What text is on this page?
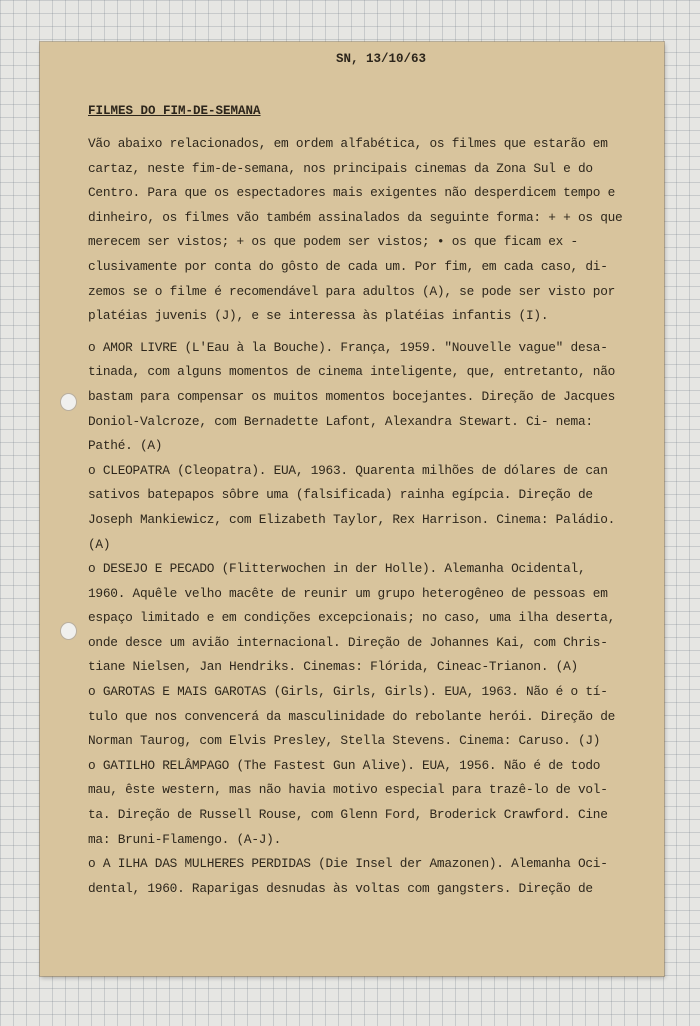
SN, 13/10/63
FILMES DO FIM-DE-SEMANA

Vão abaixo relacionados, em ordem alfabética, os filmes que estarão em cartaz, neste fim-de-semana, nos principais cinemas da Zona Sul e do Centro. Para que os espectadores mais exigentes não desperdicem tempo e dinheiro, os filmes vão também assinalados da seguinte forma: + + os que merecem ser vistos; + os que podem ser vistos; • os que ficam ex - clusivamente por conta do gôsto de cada um. Por fim, em cada caso, di- zemos se o filme é recomendável para adultos (A), se pode ser visto por platéias juvenis (J), e se interessa às platéias infantis (I).

o AMOR LIVRE (L'Eau à la Bouche). França, 1959. "Nouvelle vague" desa- tinada, com alguns momentos de cinema inteligente, que, entretanto, não bastam para compensar os muitos momentos bocejantes. Direção de Jacques Doniol-Valcroze, com Bernadette Lafont, Alexandra Stewart. Ci- nema: Pathé. (A)

o CLEOPATRA (Cleopatra). EUA, 1963. Quarenta milhões de dólares de can sativos batepapos sôbre uma (falsificada) rainha egípcia. Direção de Joseph Mankiewicz, com Elizabeth Taylor, Rex Harrison. Cinema: Paládio. (A)

o DESEJO E PECADO (Flitterwochen in der Holle). Alemanha Ocidental, 1960. Aquêle velho macête de reunir um grupo heterogêneo de pessoas em espaço limitado e em condições excepcionais; no caso, uma ilha deserta, onde desce um avião internacional. Direção de Johannes Kai, com Chris- tiane Nielsen, Jan Hendriks. Cinemas: Flórida, Cineac-Trianon. (A)

o GAROTAS E MAIS GAROTAS (Girls, Girls, Girls). EUA, 1963. Não é o tí- tulo que nos convencerá da masculinidade do rebolante herói. Direção de Norman Taurog, com Elvis Presley, Stella Stevens. Cinema: Caruso. (J)

o GATILHO RELÂMPAGO (The Fastest Gun Alive). EUA, 1956. Não é de todo mau, êste western, mas não havia motivo especial para trazê-lo de vol- ta. Direção de Russell Rouse, com Glenn Ford, Broderick Crawford. Cine ma: Bruni-Flamengo. (A-J).

o A ILHA DAS MULHERES PERDIDAS (Die Insel der Amazonen). Alemanha Oci- dental, 1960. Raparigas desnudas às voltas com gangsters. Direção de
